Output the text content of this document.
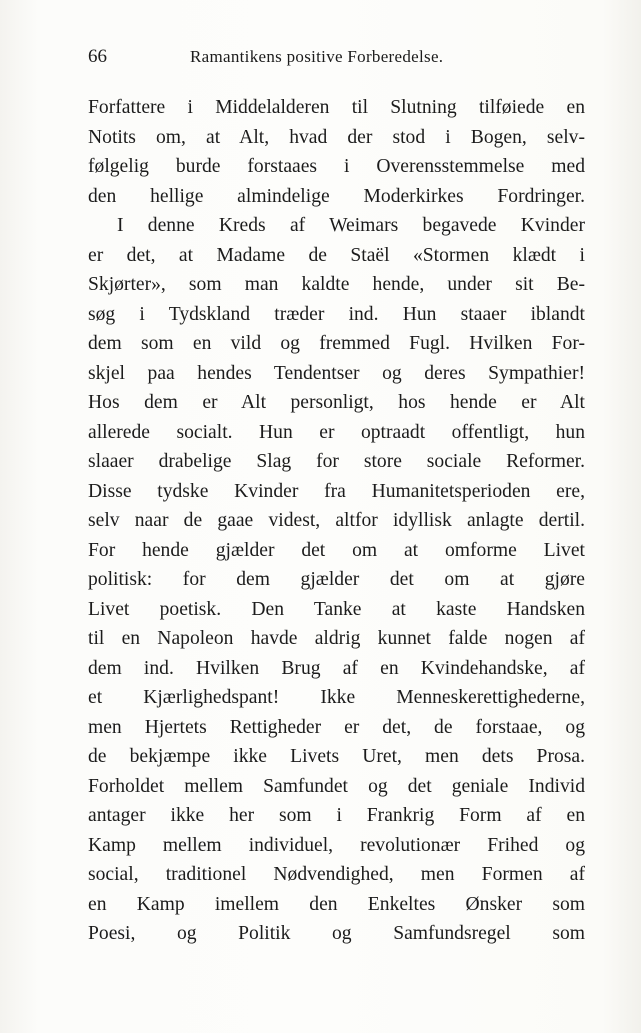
66	Ramantikens positive Forberedelse.
Forfattere i Middelalderen til Slutning tilføiede en
Notits om, at Alt, hvad der stod i Bogen, selv-
følgelig burde forstaaes i Overensstemmelse med
den hellige almindelige Moderkirkes Fordringer.
I denne Kreds af Weimars begavede Kvinder
er det, at Madame de Staël «Stormen klædt i
Skjørter», som man kaldte hende, under sit Be-
søg i Tydskland træder ind. Hun staaer iblandt
dem som en vild og fremmed Fugl. Hvilken For-
skjel paa hendes Tendentser og deres Sympathier!
Hos dem er Alt personligt, hos hende er Alt
allerede socialt. Hun er optraadt offentligt, hun
slaaer drabelige Slag for store sociale Reformer.
Disse tydske Kvinder fra Humanitetsperioden ere,
selv naar de gaae videst, altfor idyllisk anlagte dertil.
For hende gjælder det om at omforme Livet
politisk: for dem gjælder det om at gjøre
Livet poetisk. Den Tanke at kaste Handsken
til en Napoleon havde aldrig kunnet falde nogen af
dem ind. Hvilken Brug af en Kvindehandske, af
et Kjærlighedspant! Ikke Menneskerettighederne,
men Hjertets Rettigheder er det, de forstaae, og
de bekjæmpe ikke Livets Uret, men dets Prosa.
Forholdet mellem Samfundet og det geniale Individ
antager ikke her som i Frankrig Form af en
Kamp mellem individuel, revolutionær Frihed og
social, traditionel Nødvendighed, men Formen af
en Kamp imellem den Enkeltes Ønsker som
Poesi, og Politik og Samfundsregel som
